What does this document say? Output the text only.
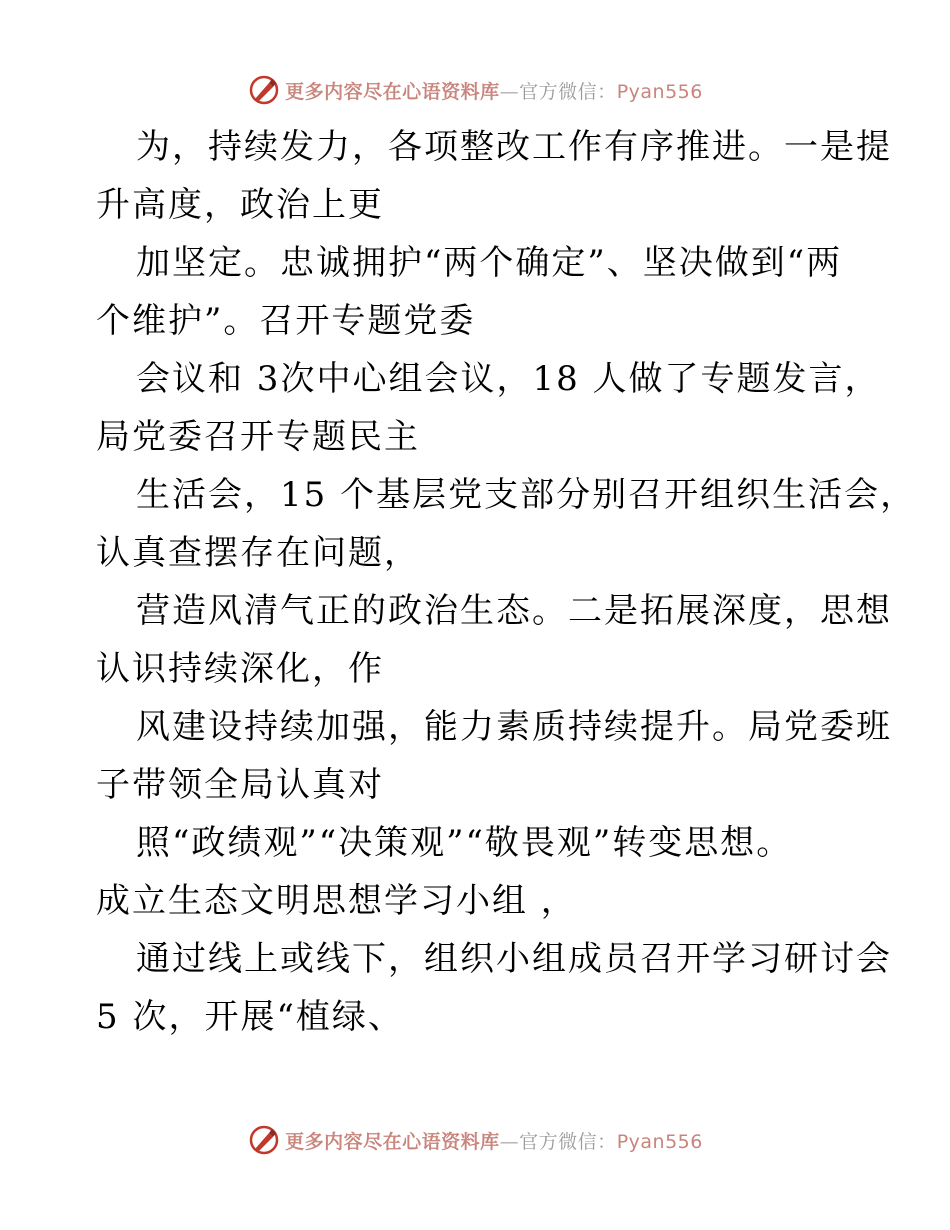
更多内容尽在心语资料库—官方微信：Pyan556

为，持续发力，各项整改工作有序推进。一是提

升高度，政治上更

加坚定。忠诚拥护“两个确定”、坚决做到“两

个维护”。召开专题党委

会议和 3次中心组会议，18 人做了专题发言，

局党委召开专题民主

生活会，15 个基层党支部分别召开组织生活会，

认真查摆存在问题，

营造风清气正的政治生态。二是拓展深度，思想

认识持续深化，作

风建设持续加强，能力素质持续提升。局党委班

子带领全局认真对

照“政绩观”“决策观”“敬畏观”转变思想。

成立生态文明思想学习小组 ，

通过线上或线下，组织小组成员召开学习研讨会

5 次，开展“植绿、

更多内容尽在心语资料库—官方微信：Pyan556
